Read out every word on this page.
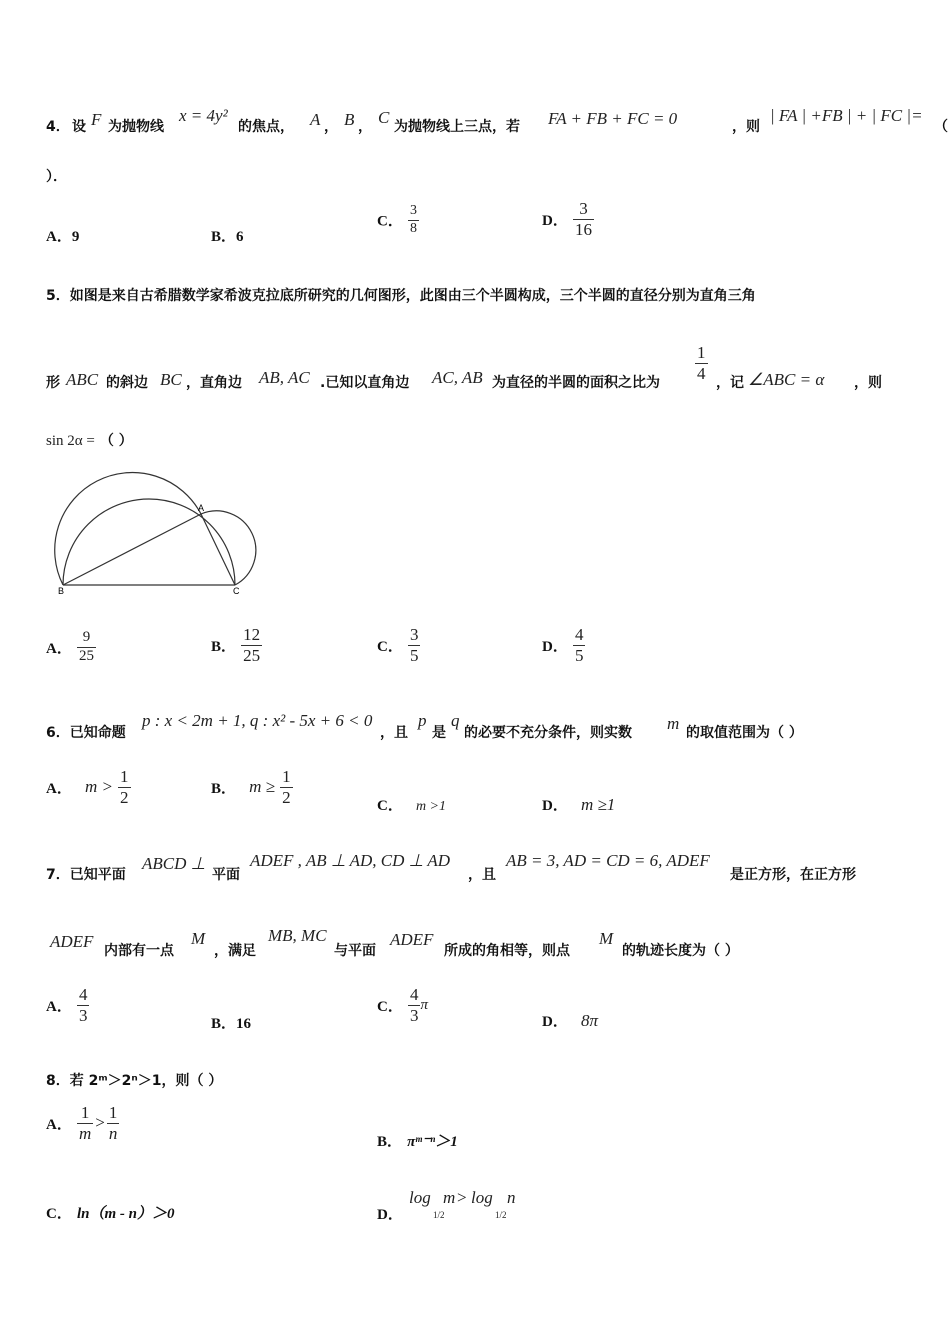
4． 设 F 为抛物线
x = 4y²
的焦点， A ， B ， C 为抛物线上三点，若 FA + FB + FC = 0	，则
| FA | +FB | + | FC |=
（
）．
A．9	B．6
C． $\frac{3}{8}$	D． $\frac{3}{16}$
5．如图是来自古希腊数学家希波克拉底所研究的几何图形，此图由三个半圆构成，三个半圆的直径分别为直角三角
形 ABC 的斜边 BC ，直角边 AB, AC .已知以直角边 AC, AB 为直径的半圆的面积之比为
$\frac{1}{4}$
，记 ∠ABC = α ，则
sin 2α = （ ）
A
B	C
A． $\frac{9}{25}$	B． $\frac{12}{25}$	C． $\frac{3}{5}$	D． $\frac{4}{5}$
6．已知命题
p : x < 2m + 1, q : x² - 5x + 6 < 0
，且
p
是
q
的必要不充分条件，则实数 m 的取值范围为（ ）
A． $m > \frac{1}{2}$	B． $m \ge \frac{1}{2}$	C． m >1	D． m ≥1
7．已知平面
ABCD ⊥
平面
ADEF , AB ⊥ AD, CD ⊥ AD
，且
AB = 3, AD = CD = 6, ADEF
是正方形，在正方形
ADEF 内部有一点
M
，满足
MB, MC
与平面
ADEF
所成的角相等，则点
M
的轨迹长度为（ ）
A． $\frac{4}{3}$	B．16
C． $\frac{4}{3}$ π
D． 8π
8．若 2ᵐ＞2ⁿ＞1，则（ ）
A． $\frac{1}{m} > \frac{1}{n}$	B． πᵐ⁻ⁿ＞1
C． ln（m - n）＞0	D．
log
1/2
m > log
1/2
n
